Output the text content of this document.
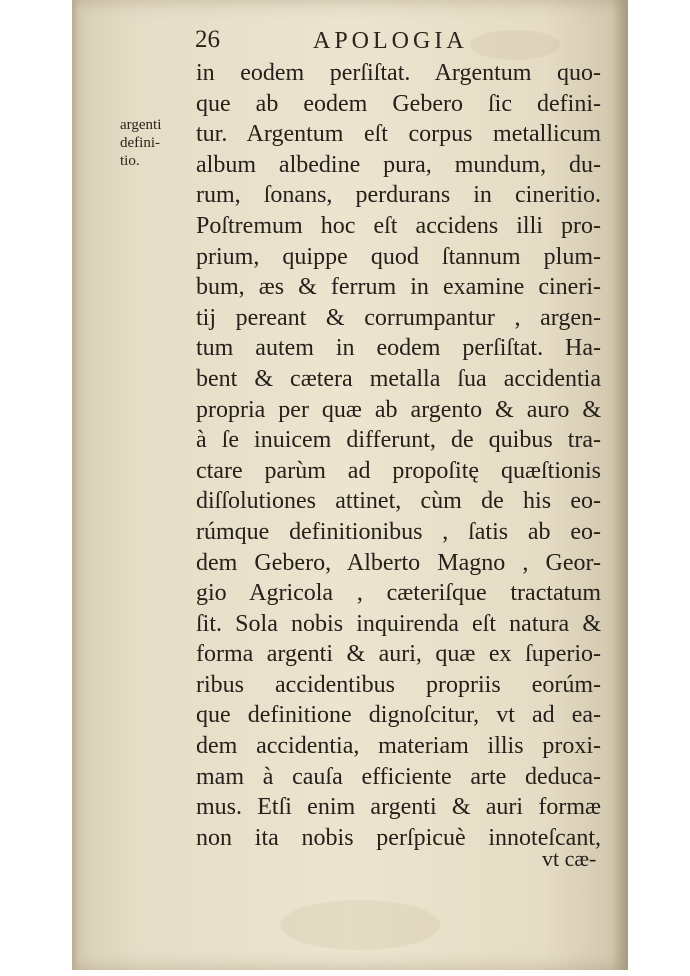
26	APOLOGIA
argenti
defini-
tio.
in eodem perſiſtat. Argentum quo-
que ab eodem Gebero ſic defini-
tur. Argentum eſt corpus metallicum
album albedine pura, mundum, du-
rum, ſonans, perdurans in cineritio.
Poſtremum hoc eſt accidens illi pro-
prium, quippe quod ſtannum plum-
bum, æs & ferrum in examine cineri-
tij pereant & corrumpantur , argen-
tum autem in eodem perſiſtat. Ha-
bent & cætera metalla ſua accidentia
propria per quæ ab argento & auro &
à ſe inuicem differunt, de quibus tra-
ctare parùm ad propoſitę quæſtionis
diſſolutiones attinet, cùm de his eo-
rúmque definitionibus , ſatis ab eo-
dem Gebero, Alberto Magno , Geor-
gio Agricola , cæteriſque tractatum
ſit. Sola nobis inquirenda eſt natura &
forma argenti & auri, quæ ex ſuperio-
ribus accidentibus propriis eorúm-
que definitione dignoſcitur, vt ad ea-
dem accidentia, materiam illis proxi-
mam à cauſa efficiente arte deduca-
mus. Etſi enim argenti & auri formæ
non ita nobis perſpicuè innoteſcant,
vt cæ-
